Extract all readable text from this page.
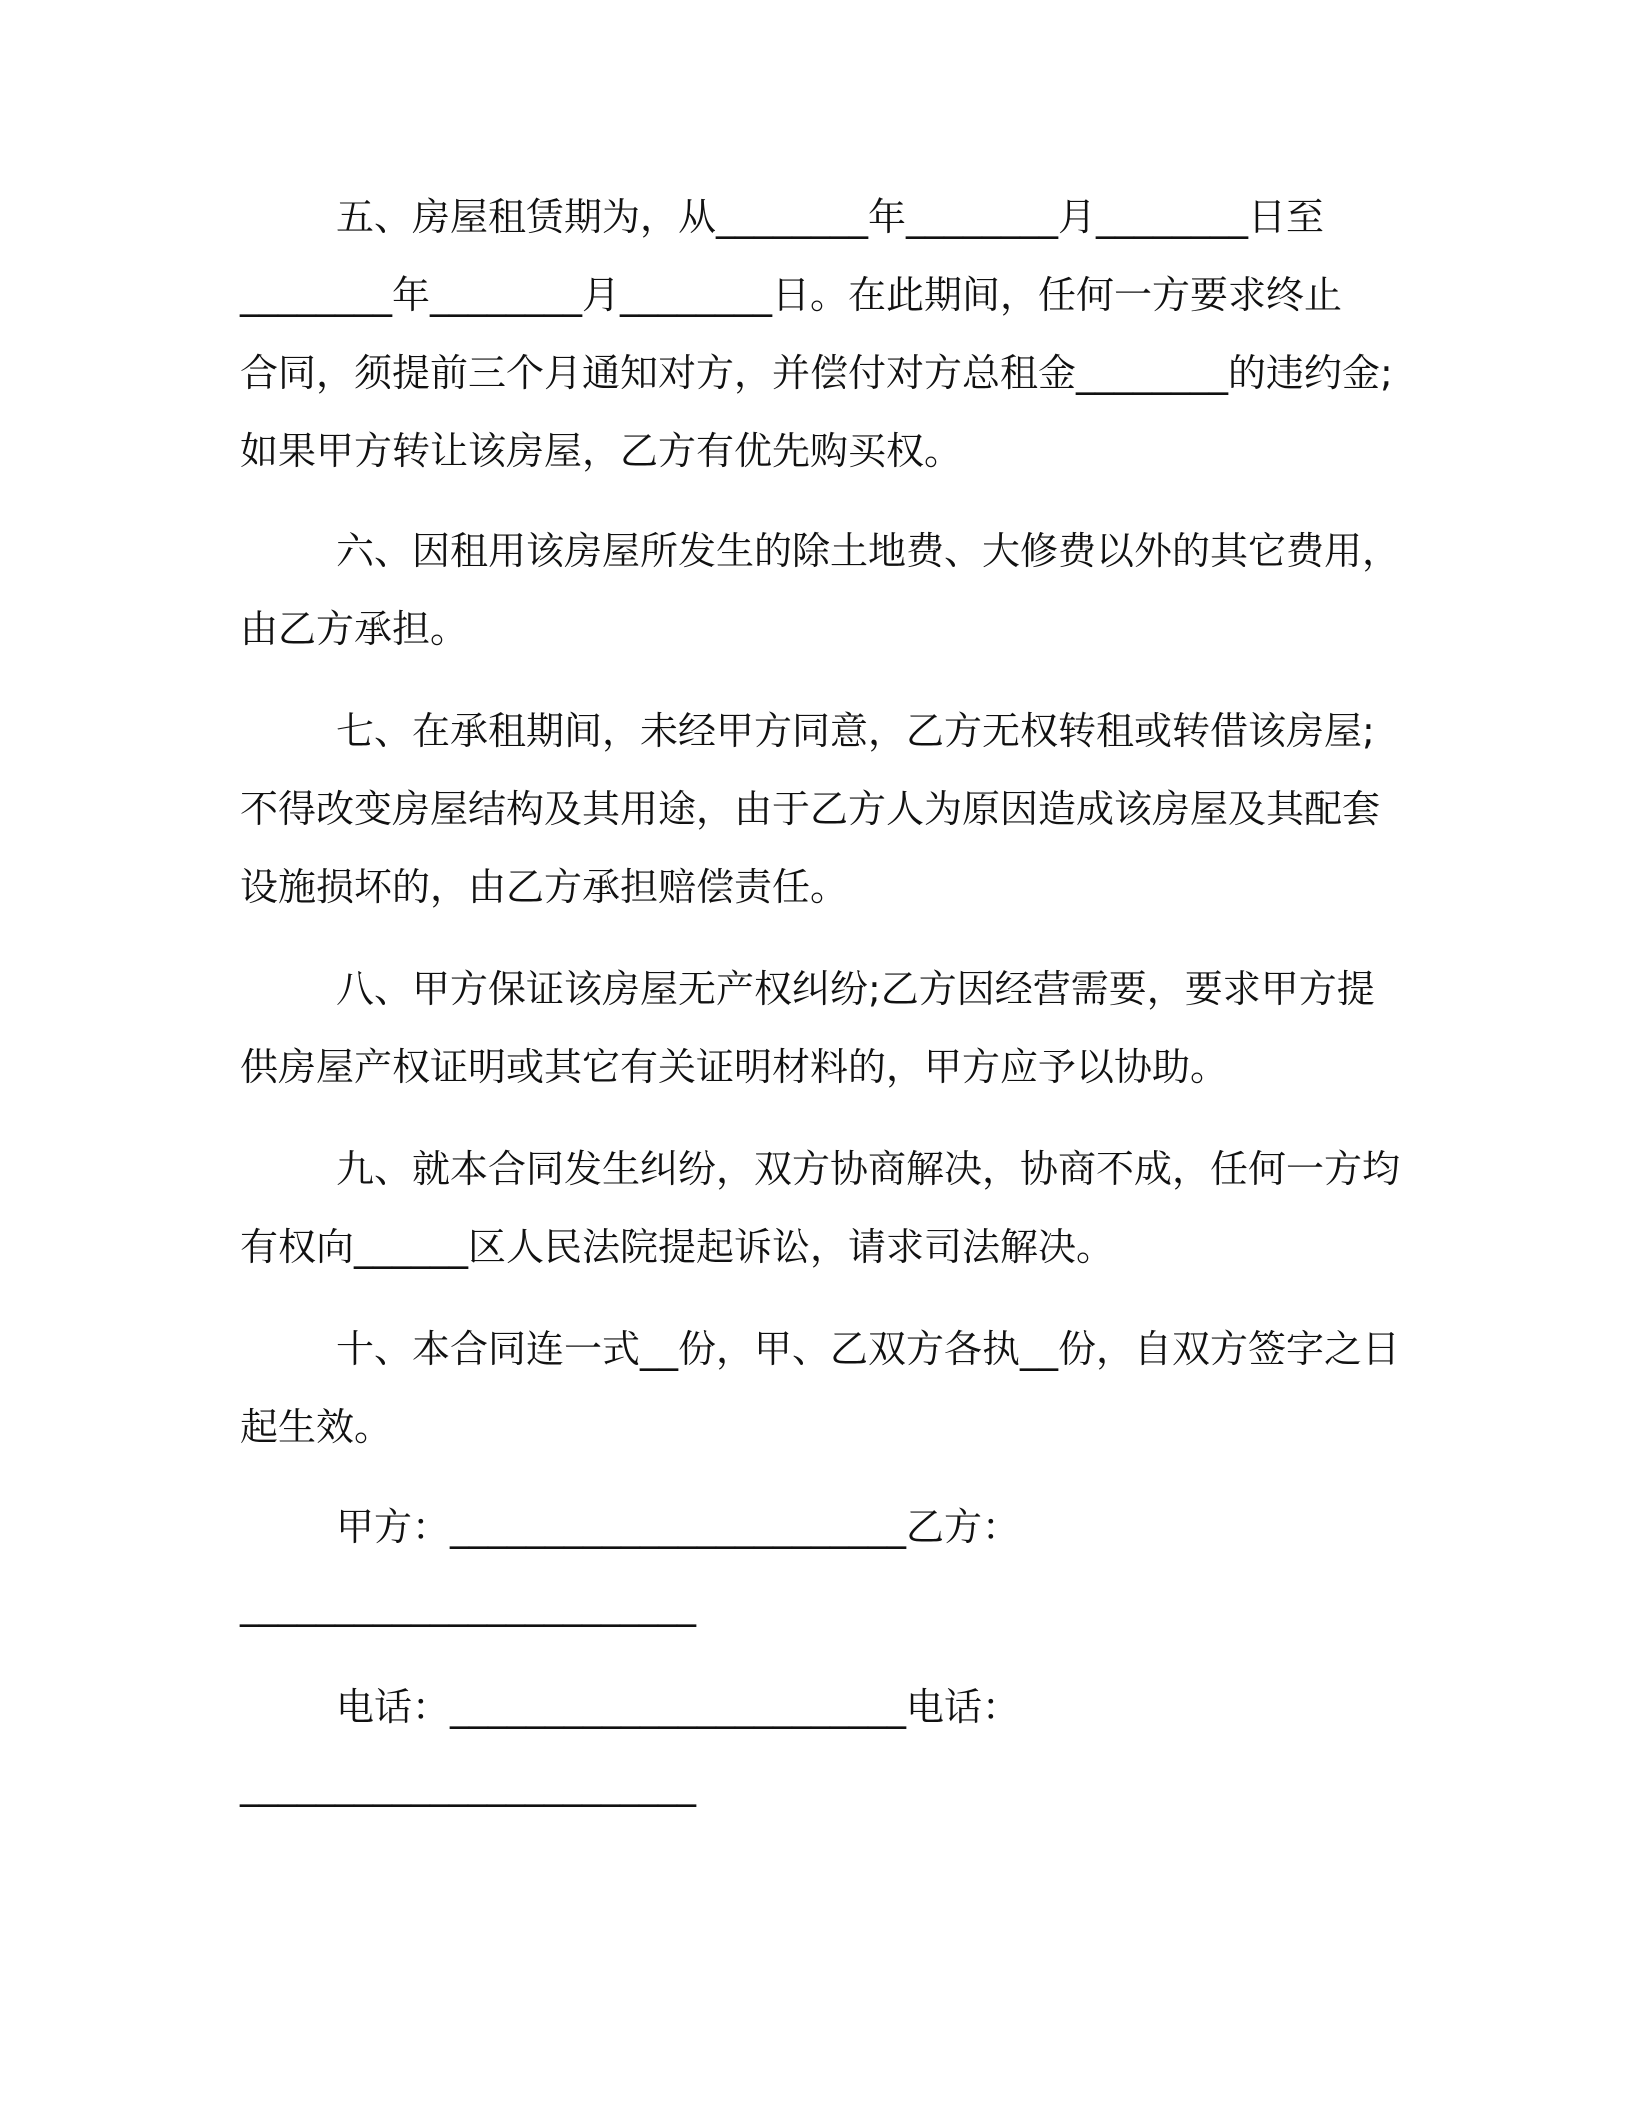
五、房屋租赁期为，从________年________月________日至
________年________月________日。在此期间，任何一方要求终止
合同，须提前三个月通知对方，并偿付对方总租金________的违约金;
如果甲方转让该房屋，乙方有优先购买权。
六、因租用该房屋所发生的除土地费、大修费以外的其它费用，
由乙方承担。
七、在承租期间，未经甲方同意，乙方无权转租或转借该房屋;
不得改变房屋结构及其用途，由于乙方人为原因造成该房屋及其配套
设施损坏的，由乙方承担赔偿责任。
八、甲方保证该房屋无产权纠纷;乙方因经营需要，要求甲方提
供房屋产权证明或其它有关证明材料的，甲方应予以协助。
九、就本合同发生纠纷，双方协商解决，协商不成，任何一方均
有权向______区人民法院提起诉讼，请求司法解决。
十、本合同连一式__份，甲、乙双方各执__份，自双方签字之日
起生效。
甲方：________________________乙方：
________________________
电话：________________________电话：
________________________
